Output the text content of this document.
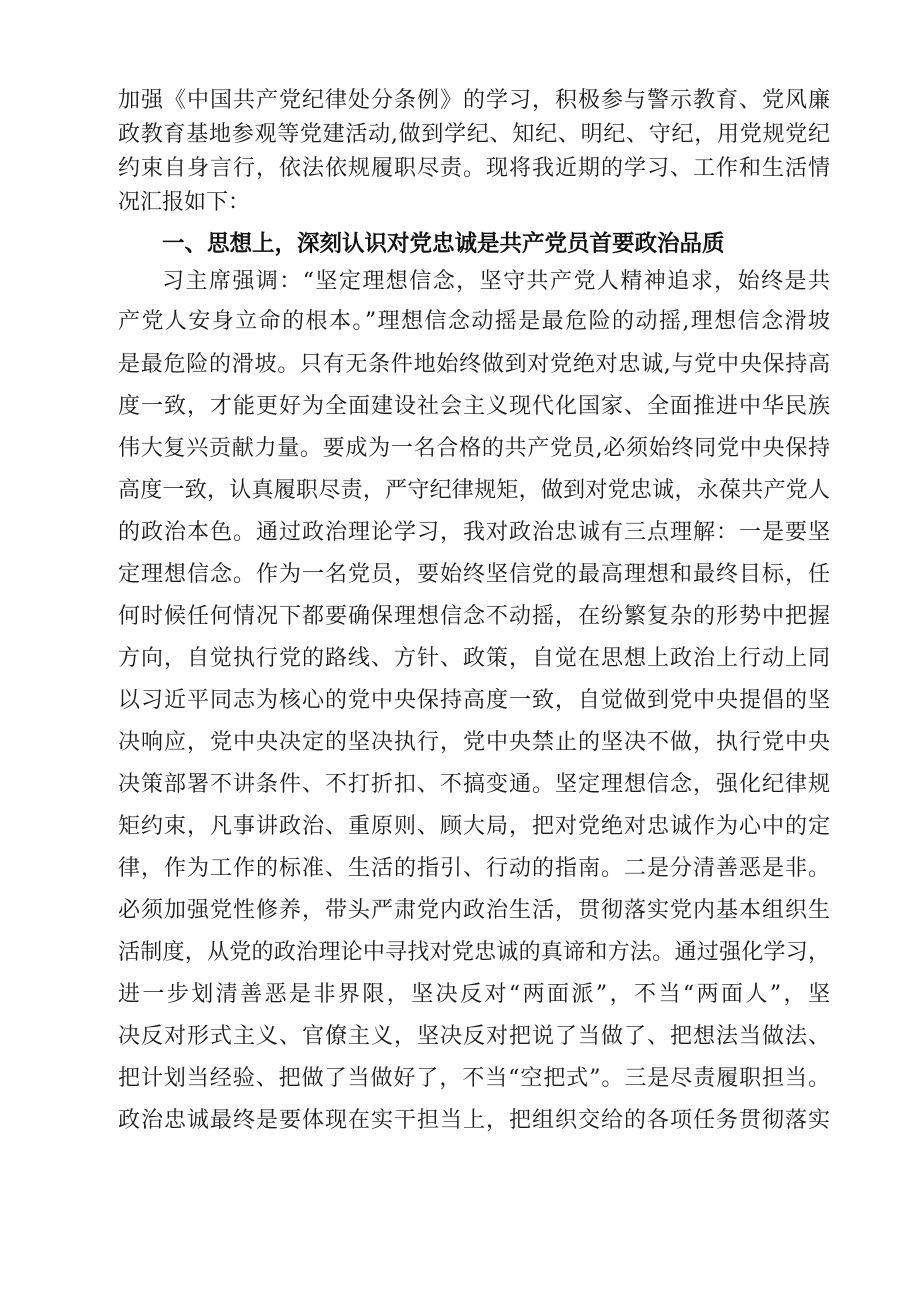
加强《中国共产党纪律处分条例》的学习，积极参与警示教育、党风廉
政教育基地参观等党建活动,做到学纪、知纪、明纪、守纪，用党规党纪
约束自身言行，依法依规履职尽责。现将我近期的学习、工作和生活情
况汇报如下：
一、思想上，深刻认识对党忠诚是共产党员首要政治品质
习主席强调：“坚定理想信念，坚守共产党人精神追求，始终是共
产党人安身立命的根本。”理想信念动摇是最危险的动摇,理想信念滑坡
是最危险的滑坡。只有无条件地始终做到对党绝对忠诚,与党中央保持高
度一致，才能更好为全面建设社会主义现代化国家、全面推进中华民族
伟大复兴贡献力量。要成为一名合格的共产党员,必须始终同党中央保持
高度一致，认真履职尽责，严守纪律规矩，做到对党忠诚，永葆共产党人
的政治本色。通过政治理论学习，我对政治忠诚有三点理解：一是要坚
定理想信念。作为一名党员，要始终坚信党的最高理想和最终目标，任
何时候任何情况下都要确保理想信念不动摇，在纷繁复杂的形势中把握
方向，自觉执行党的路线、方针、政策，自觉在思想上政治上行动上同
以习近平同志为核心的党中央保持高度一致，自觉做到党中央提倡的坚
决响应，党中央决定的坚决执行，党中央禁止的坚决不做，执行党中央
决策部署不讲条件、不打折扣、不搞变通。坚定理想信念，强化纪律规
矩约束，凡事讲政治、重原则、顾大局，把对党绝对忠诚作为心中的定
律，作为工作的标准、生活的指引、行动的指南。二是分清善恶是非。
必须加强党性修养，带头严肃党内政治生活，贯彻落实党内基本组织生
活制度，从党的政治理论中寻找对党忠诚的真谛和方法。通过强化学习，
进一步划清善恶是非界限，坚决反对“两面派”，不当“两面人”，坚
决反对形式主义、官僚主义，坚决反对把说了当做了、把想法当做法、
把计划当经验、把做了当做好了，不当“空把式”。三是尽责履职担当。
政治忠诚最终是要体现在实干担当上，把组织交给的各项任务贯彻落实
